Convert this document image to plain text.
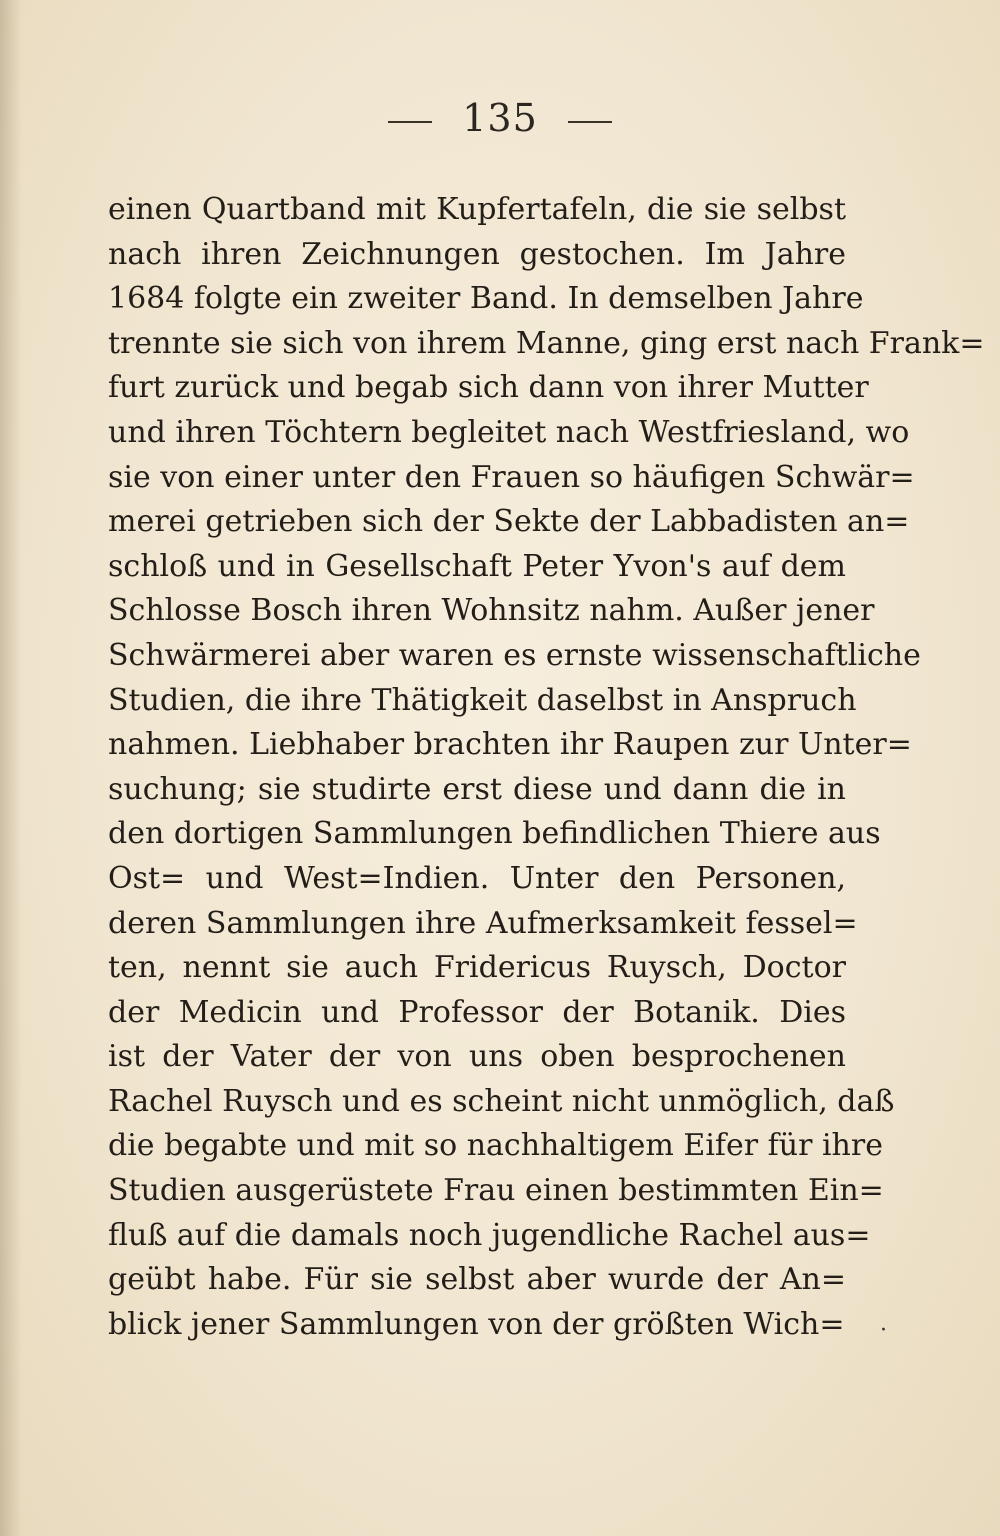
135
einen Quartband mit Kupfertafeln, die sie selbst
nach ihren Zeichnungen gestochen. Im Jahre
1684 folgte ein zweiter Band. In demselben Jahre
trennte sie sich von ihrem Manne, ging erst nach Frank=
furt zurück und begab sich dann von ihrer Mutter
und ihren Töchtern begleitet nach Westfriesland, wo
sie von einer unter den Frauen so häufigen Schwär=
merei getrieben sich der Sekte der Labbadisten an=
schloß und in Gesellschaft Peter Yvon's auf dem
Schlosse Bosch ihren Wohnsitz nahm. Außer jener
Schwärmerei aber waren es ernste wissenschaftliche
Studien, die ihre Thätigkeit daselbst in Anspruch
nahmen. Liebhaber brachten ihr Raupen zur Unter=
suchung; sie studirte erst diese und dann die in
den dortigen Sammlungen befindlichen Thiere aus
Ost= und West=Indien. Unter den Personen,
deren Sammlungen ihre Aufmerksamkeit fessel=
ten, nennt sie auch Fridericus Ruysch, Doctor
der Medicin und Professor der Botanik. Dies
ist der Vater der von uns oben besprochenen
Rachel Ruysch und es scheint nicht unmöglich, daß
die begabte und mit so nachhaltigem Eifer für ihre
Studien ausgerüstete Frau einen bestimmten Ein=
fluß auf die damals noch jugendliche Rachel aus=
geübt habe. Für sie selbst aber wurde der An=
blick jener Sammlungen von der größten Wich= ·
